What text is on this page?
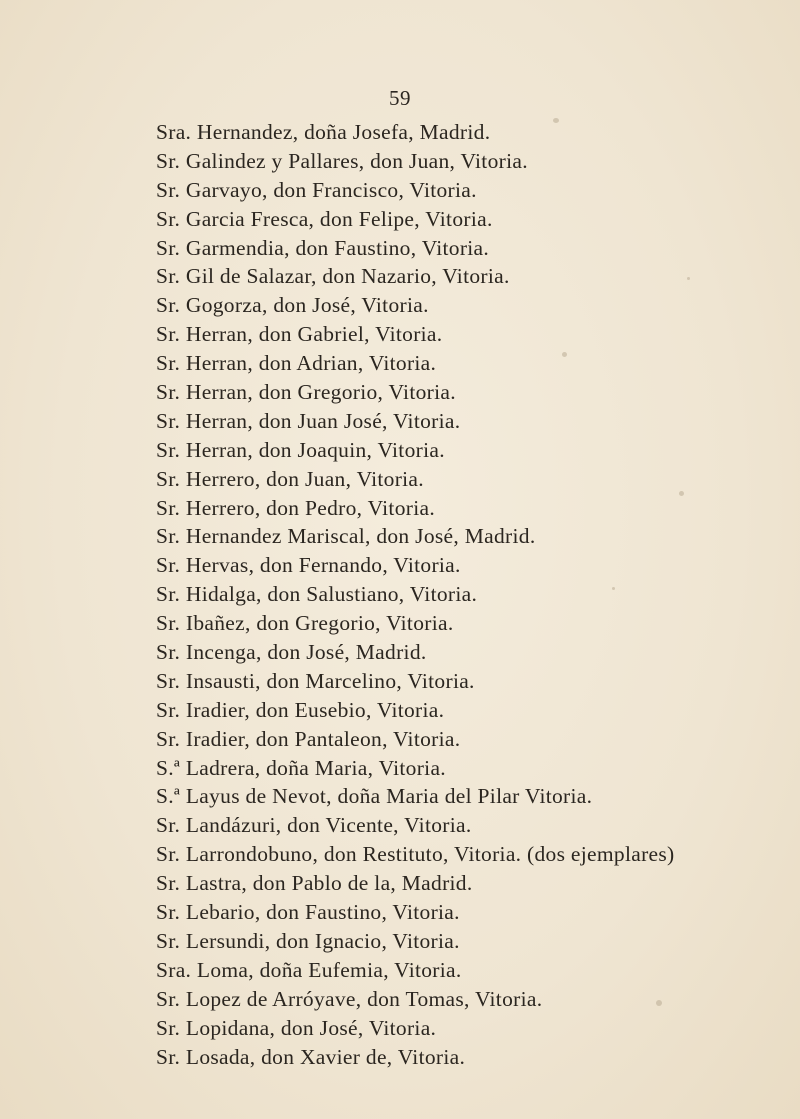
59
Sra. Hernandez, doña Josefa, Madrid.
Sr. Galindez y Pallares, don Juan, Vitoria.
Sr. Garvayo, don Francisco, Vitoria.
Sr. Garcia Fresca, don Felipe, Vitoria.
Sr. Garmendia, don Faustino, Vitoria.
Sr. Gil de Salazar, don Nazario, Vitoria.
Sr. Gogorza, don José, Vitoria.
Sr. Herran, don Gabriel, Vitoria.
Sr. Herran, don Adrian, Vitoria.
Sr. Herran, don Gregorio, Vitoria.
Sr. Herran, don Juan José, Vitoria.
Sr. Herran, don Joaquin, Vitoria.
Sr. Herrero, don Juan, Vitoria.
Sr. Herrero, don Pedro, Vitoria.
Sr. Hernandez Mariscal, don José, Madrid.
Sr. Hervas, don Fernando, Vitoria.
Sr. Hidalga, don Salustiano, Vitoria.
Sr. Ibañez, don Gregorio, Vitoria.
Sr. Incenga, don José, Madrid.
Sr. Insausti, don Marcelino, Vitoria.
Sr. Iradier, don Eusebio, Vitoria.
Sr. Iradier, don Pantaleon, Vitoria.
S.ª Ladrera, doña Maria, Vitoria.
S.ª Layus de Nevot, doña Maria del Pilar Vitoria.
Sr. Landázuri, don Vicente, Vitoria.
Sr. Larrondobuno, don Restituto, Vitoria. (dos ejemplares)
Sr. Lastra, don Pablo de la, Madrid.
Sr. Lebario, don Faustino, Vitoria.
Sr. Lersundi, don Ignacio, Vitoria.
Sra. Loma, doña Eufemia, Vitoria.
Sr. Lopez de Arróyave, don Tomas, Vitoria.
Sr. Lopidana, don José, Vitoria.
Sr. Losada, don Xavier de, Vitoria.
